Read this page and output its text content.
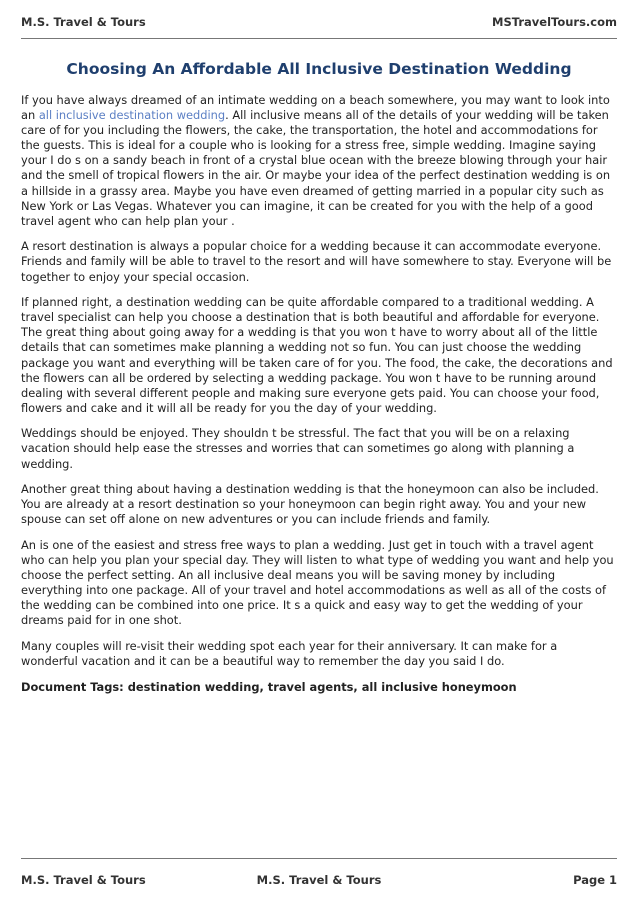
M.S. Travel & Tours	MSTravelTours.com
Choosing An Affordable All Inclusive Destination Wedding

If you have always dreamed of an intimate wedding on a beach somewhere, you may want to look into an all inclusive destination wedding. All inclusive means all of the details of your wedding will be taken care of for you including the flowers, the cake, the transportation, the hotel and accommodations for the guests. This is ideal for a couple who is looking for a stress free, simple wedding. Imagine saying your I do s on a sandy beach in front of a crystal blue ocean with the breeze blowing through your hair and the smell of tropical flowers in the air. Or maybe your idea of the perfect destination wedding is on a hillside in a grassy area. Maybe you have even dreamed of getting married in a popular city such as New York or Las Vegas. Whatever you can imagine, it can be created for you with the help of a good travel agent who can help plan your .

A resort destination is always a popular choice for a wedding because it can accommodate everyone. Friends and family will be able to travel to the resort and will have somewhere to stay. Everyone will be together to enjoy your special occasion.

If planned right, a destination wedding can be quite affordable compared to a traditional wedding. A travel specialist can help you choose a destination that is both beautiful and affordable for everyone. The great thing about going away for a wedding is that you won t have to worry about all of the little details that can sometimes make planning a wedding not so fun. You can just choose the wedding package you want and everything will be taken care of for you. The food, the cake, the decorations and the flowers can all be ordered by selecting a wedding package. You won t have to be running around dealing with several different people and making sure everyone gets paid. You can choose your food, flowers and cake and it will all be ready for you the day of your wedding.

Weddings should be enjoyed. They shouldn t be stressful. The fact that you will be on a relaxing vacation should help ease the stresses and worries that can sometimes go along with planning a wedding.

Another great thing about having a destination wedding is that the honeymoon can also be included. You are already at a resort destination so your honeymoon can begin right away. You and your new spouse can set off alone on new adventures or you can include friends and family.

An is one of the easiest and stress free ways to plan a wedding. Just get in touch with a travel agent who can help you plan your special day. They will listen to what type of wedding you want and help you choose the perfect setting. An all inclusive deal means you will be saving money by including everything into one package. All of your travel and hotel accommodations as well as all of the costs of the wedding can be combined into one price. It s a quick and easy way to get the wedding of your dreams paid for in one shot.

Many couples will re-visit their wedding spot each year for their anniversary. It can make for a wonderful vacation and it can be a beautiful way to remember the day you said I do.

Document Tags: destination wedding, travel agents, all inclusive honeymoon

M.S. Travel & Tours	M.S. Travel & Tours	Page 1
